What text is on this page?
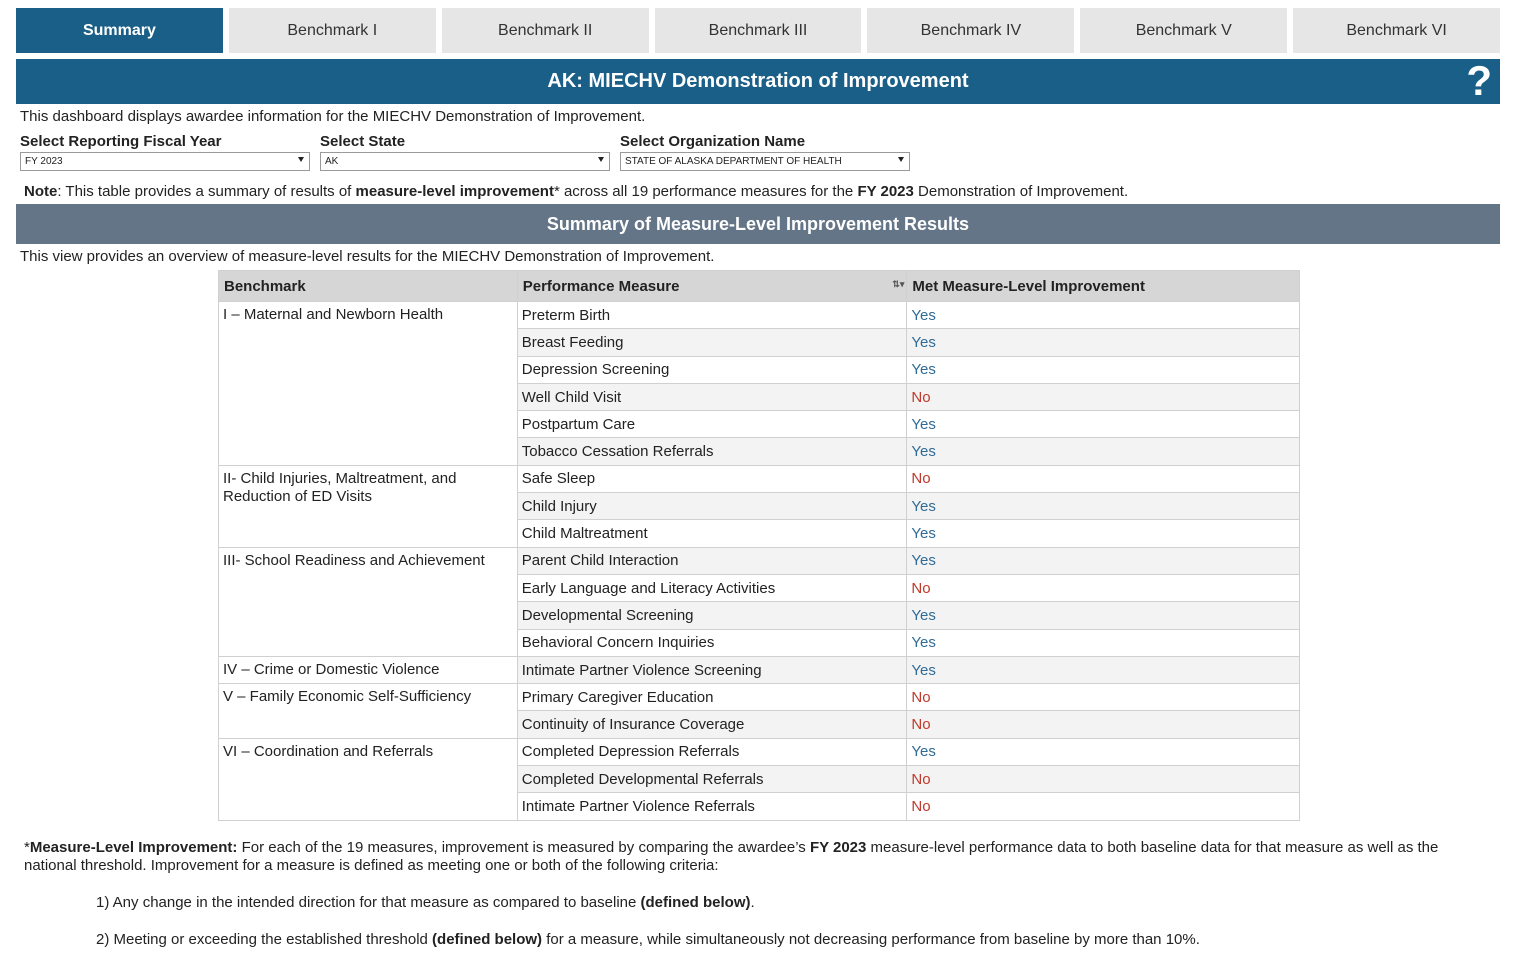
Summary	Benchmark I	Benchmark II	Benchmark III	Benchmark IV	Benchmark V	Benchmark VI
AK: MIECHV Demonstration of Improvement	?
This dashboard displays awardee information for the MIECHV Demonstration of Improvement.
Select Reporting Fiscal Year
FY 2023
Select State
AK
Select Organization Name
STATE OF ALASKA DEPARTMENT OF HEALTH
Note: This table provides a summary of results of measure-level improvement* across all 19 performance measures for the FY 2023 Demonstration of Improvement.
Summary of Measure-Level Improvement Results
This view provides an overview of measure-level results for the MIECHV Demonstration of Improvement.
Benchmark	Performance Measure ⇅▾	Met Measure-Level Improvement
I – Maternal and Newborn Health	Preterm Birth	Yes
	Breast Feeding	Yes
	Depression Screening	Yes
	Well Child Visit	No
	Postpartum Care	Yes
	Tobacco Cessation Referrals	Yes
II- Child Injuries, Maltreatment, and Reduction of ED Visits	Safe Sleep	No
	Child Injury	Yes
	Child Maltreatment	Yes
III- School Readiness and Achievement	Parent Child Interaction	Yes
	Early Language and Literacy Activities	No
	Developmental Screening	Yes
	Behavioral Concern Inquiries	Yes
IV – Crime or Domestic Violence	Intimate Partner Violence Screening	Yes
V – Family Economic Self-Sufficiency	Primary Caregiver Education	No
	Continuity of Insurance Coverage	No
VI – Coordination and Referrals	Completed Depression Referrals	Yes
	Completed Developmental Referrals	No
	Intimate Partner Violence Referrals	No
*Measure-Level Improvement: For each of the 19 measures, improvement is measured by comparing the awardee’s FY 2023 measure-level performance data to both baseline data for that measure as well as the national threshold. Improvement for a measure is defined as meeting one or both of the following criteria:
1) Any change in the intended direction for that measure as compared to baseline (defined below).
2) Meeting or exceeding the established threshold (defined below) for a measure, while simultaneously not decreasing performance from baseline by more than 10%.
